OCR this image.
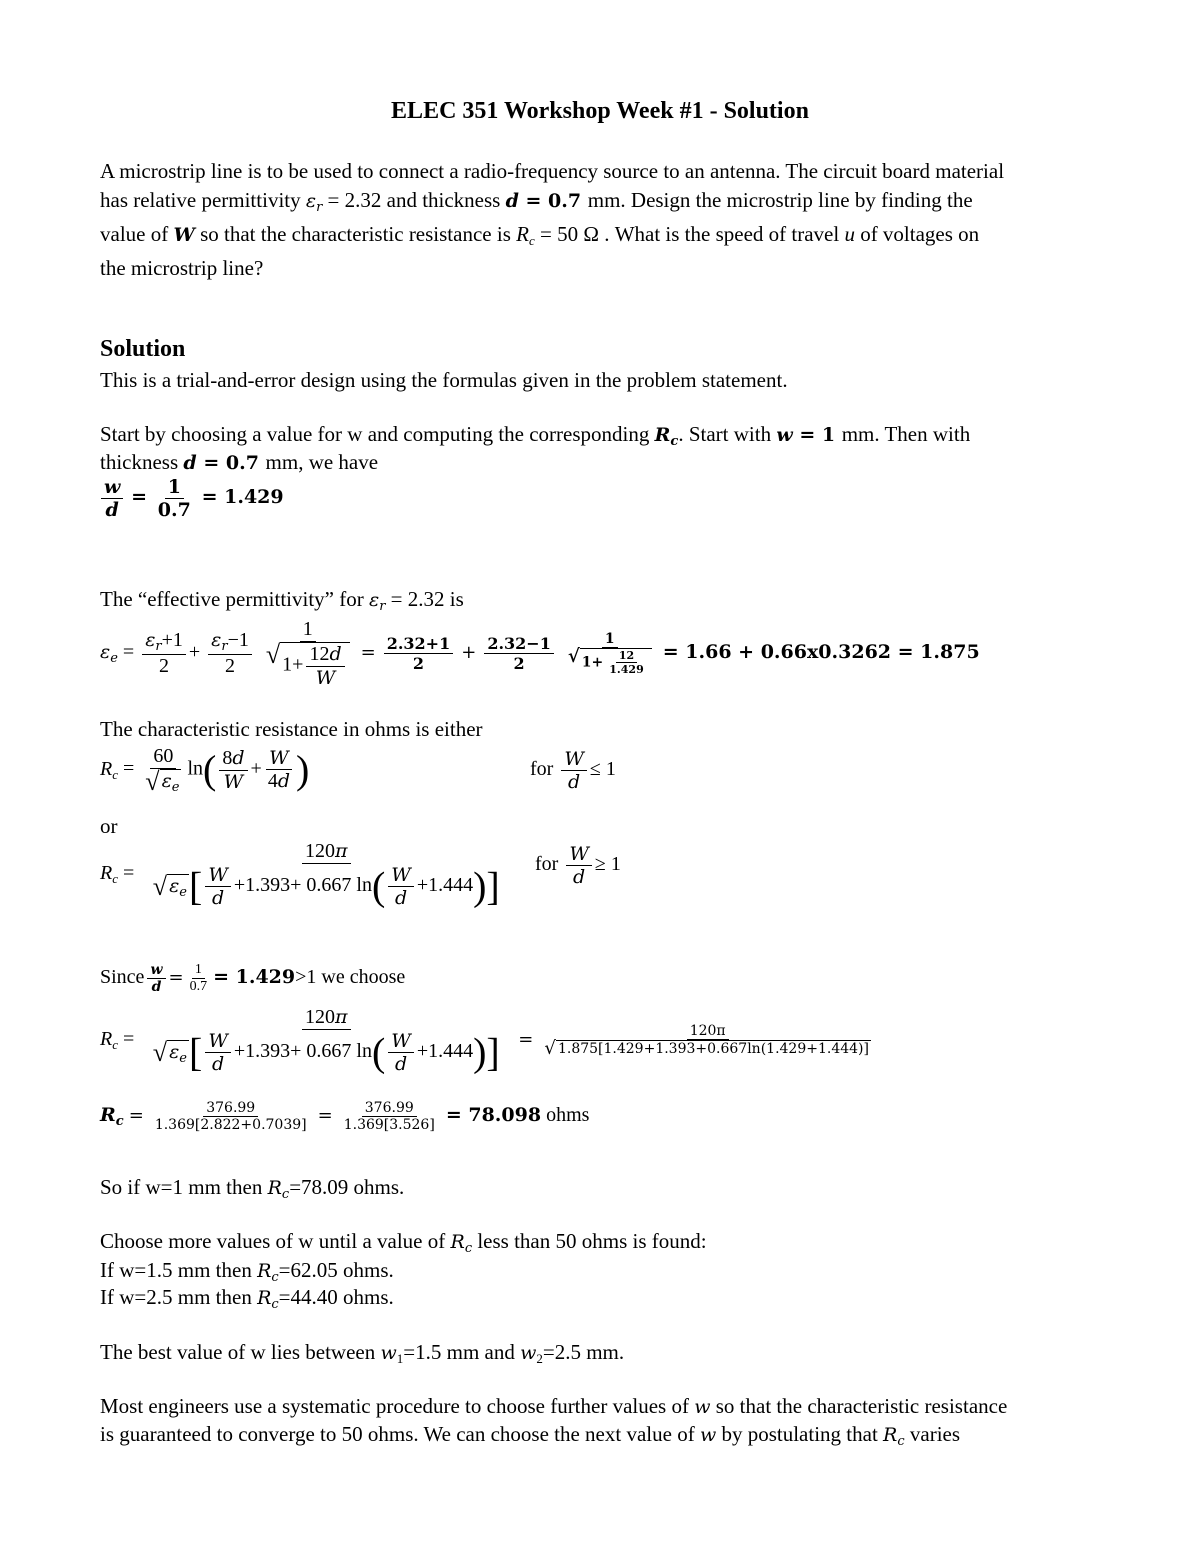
ELEC 351 Workshop Week #1 - Solution
A microstrip line is to be used to connect a radio-frequency source to an antenna. The circuit board material
has relative permittivity $\varepsilon_r = 2.32$ and thickness d = 0.7 mm. Design the microstrip line by finding the
value of W so that the characteristic resistance is $R_c = 50$ Ω . What is the speed of travel u of voltages on
the microstrip line?
Solution
This is a trial-and-error design using the formulas given in the problem statement.
Start by choosing a value for w and computing the corresponding $R_c$. Start with w = 1 mm. Then with
thickness d = 0.7 mm, we have
$\frac{w}{d} = \frac{1}{0.7} = 1.429$
The “effective permittivity” for $\varepsilon_r = 2.32$ is
$\varepsilon_e = \frac{\varepsilon_r+1}{2} + \frac{\varepsilon_r-1}{2}$
$\frac{1}{√ 1+ \frac{12d}{W}} = \frac{2.32+1}{2} + \frac{2.32-1}{2}$
$\frac{1}{√ 1+ \frac{12}{1.429}} = 1.66 + 0.66x0.3262 = 1.875$
The characteristic resistance in ohms is either
$R_c = \frac{60}{√ \varepsilon_e} \ln( \frac{8d}{W} + \frac{W}{4d}$ )	for $\frac{W}{d} \le 1$
or
$R_c = \frac{120\pi}{√ \varepsilon_e [ \frac{W}{d} +1.393+ 0.667 \ln( \frac{W}{d} +1.444)]}$ for $\frac{W}{d} \ge 1$
Since $\frac{w}{d} = \frac{1}{0.7} = 1.429>1$ we choose
$R_c = \frac{120\pi}{√ \varepsilon_e [ \frac{W}{d} +1.393+ 0.667 \ln( \frac{W}{d} +1.444)]} = \frac{120\pi}{√ 1.875[1.429+1.393+0.667\ln(1.429+1.444)]}$
$R_c = \frac{376.99}{1.369[2.822+0.7039]} = \frac{376.99}{1.369[3.526]} = 78.098$ ohms
So if w=1 mm then $R_c=78.09$ ohms.
Choose more values of w until a value of $R_c$ less than 50 ohms is found:
If w=1.5 mm then $R_c=62.05$ ohms.
If w=2.5 mm then $R_c=44.40$ ohms.
The best value of w lies between $w_1=1.5$ mm and $w_2=2.5$ mm.
Most engineers use a systematic procedure to choose further values of w so that the characteristic resistance
is guaranteed to converge to 50 ohms. We can choose the next value of w by postulating that $R_c$ varies
